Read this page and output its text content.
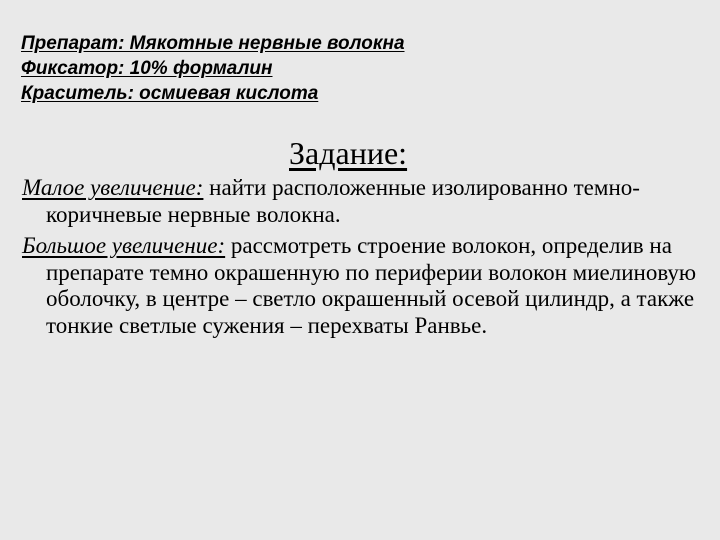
Препарат: Мякотные нервные волокна
Фиксатор: 10% формалин
Краситель: осмиевая кислота
Задание:
Малое увеличение: найти расположенные изолированно темно-коричневые нервные волокна.
Большое увеличение: рассмотреть строение волокон, определив на препарате темно окрашенную по периферии волокон миелиновую оболочку, в центре – светло окрашенный осевой цилиндр, а также тонкие светлые сужения – перехваты Ранвье.
